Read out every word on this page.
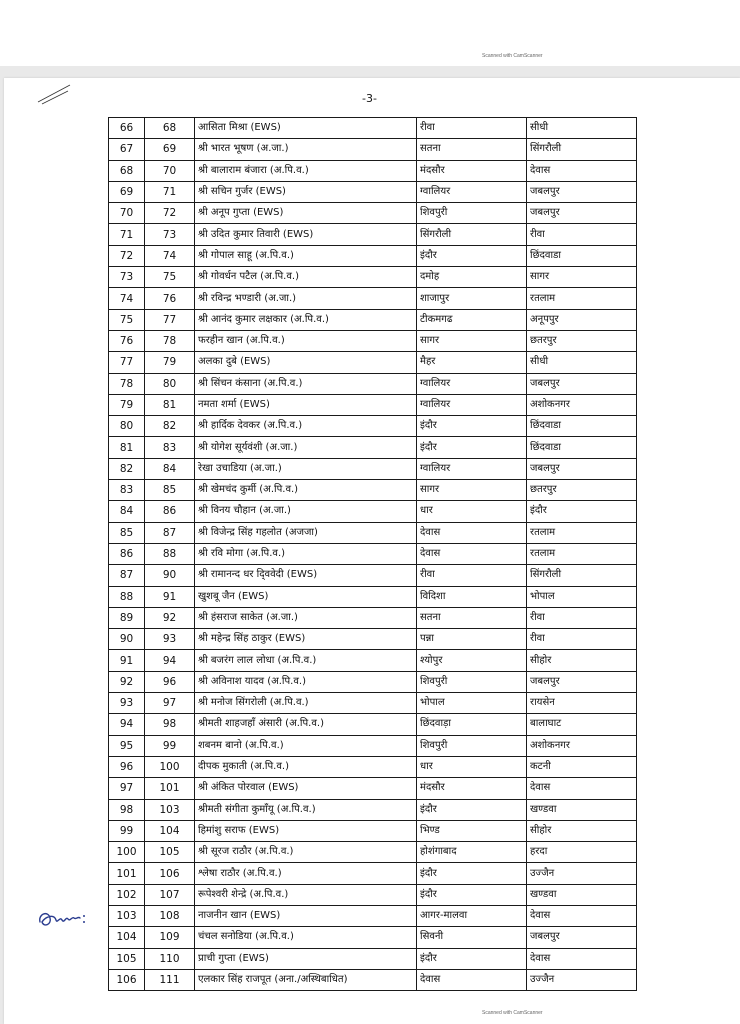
Scanned with CamScanner
-3-
66	68	आसिता मिश्रा (EWS)	रीवा	सीधी
67	69	श्री भारत भूषण (अ.जा.)	सतना	सिंगरौली
68	70	श्री बालाराम बंजारा (अ.पि.व.)	मंदसौर	देवास
69	71	श्री सचिन गुर्जर (EWS)	ग्वालियर	जबलपुर
70	72	श्री अनूप गुप्ता (EWS)	शिवपुरी	जबलपुर
71	73	श्री उदित कुमार तिवारी (EWS)	सिंगरौली	रीवा
72	74	श्री गोपाल साहू (अ.पि.व.)	इंदौर	छिंदवाडा
73	75	श्री गोवर्धन पटैल (अ.पि.व.)	दमोह	सागर
74	76	श्री रविन्द्र भण्डारी (अ.जा.)	शाजापुर	रतलाम
75	77	श्री आनंद कुमार लक्षकार (अ.पि.व.)	टीकमगढ	अनूपपुर
76	78	फरहीन खान (अ.पि.व.)	सागर	छतरपुर
77	79	अलका दुबे (EWS)	मैहर	सीधी
78	80	श्री सिंचन कंसाना (अ.पि.व.)	ग्वालियर	जबलपुर
79	81	नमता शर्मा (EWS)	ग्वालियर	अशोकनगर
80	82	श्री हार्दिक देवकर (अ.पि.व.)	इंदौर	छिंदवाडा
81	83	श्री योगेश सूर्यवंशी (अ.जा.)	इंदौर	छिंदवाडा
82	84	रेखा उचाडिया (अ.जा.)	ग्वालियर	जबलपुर
83	85	श्री खेमचंद कुर्मी (अ.पि.व.)	सागर	छतरपुर
84	86	श्री विनय चौहान (अ.जा.)	धार	इंदौर
85	87	श्री विजेन्द्र सिंह गहलोत (अजजा)	देवास	रतलाम
86	88	श्री रवि मोगा (अ.पि.व.)	देवास	रतलाम
87	90	श्री रामानन्द धर दि्ववेदी (EWS)	रीवा	सिंगरौली
88	91	खुशबू जैन (EWS)	विदिशा	भोपाल
89	92	श्री हंसराज साकेत (अ.जा.)	सतना	रीवा
90	93	श्री महेन्द्र सिंह ठाकुर (EWS)	पन्ना	रीवा
91	94	श्री बजरंग लाल लोधा (अ.पि.व.)	श्योपुर	सीहोर
92	96	श्री अविनाश यादव (अ.पि.व.)	शिवपुरी	जबलपुर
93	97	श्री मनोज सिंगरोली (अ.पि.व.)	भोपाल	रायसेन
94	98	श्रीमती शाहजहाँ अंसारी (अ.पि.व.)	छिंदवाड़ा	बालाघाट
95	99	शबनम बानो (अ.पि.व.)	शिवपुरी	अशोकनगर
96	100	दीपक मुकाती (अ.पि.व.)	धार	कटनी
97	101	श्री अंकित पोरवाल (EWS)	मंदसौर	देवास
98	103	श्रीमती संगीता कुमाँयू (अ.पि.व.)	इंदौर	खण्डवा
99	104	हिमांशु सराफ (EWS)	भिण्ड	सीहोर
100	105	श्री सूरज राठौर (अ.पि.व.)	होशंगाबाद	हरदा
101	106	श्लेषा राठौर (अ.पि.व.)	इंदौर	उज्जैन
102	107	रूपेश्वरी शेन्द्रे (अ.पि.व.)	इंदौर	खण्डवा
103	108	नाजनीन खान (EWS)	आगर-मालवा	देवास
104	109	चंचल सनोडिया (अ.पि.व.)	सिवनी	जबलपुर
105	110	प्राची गुप्ता (EWS)	इंदौर	देवास
106	111	एलकार सिंह राजपूत (अना./अस्थिबाधित)	देवास	उज्जैन
Scanned with CamScanner
